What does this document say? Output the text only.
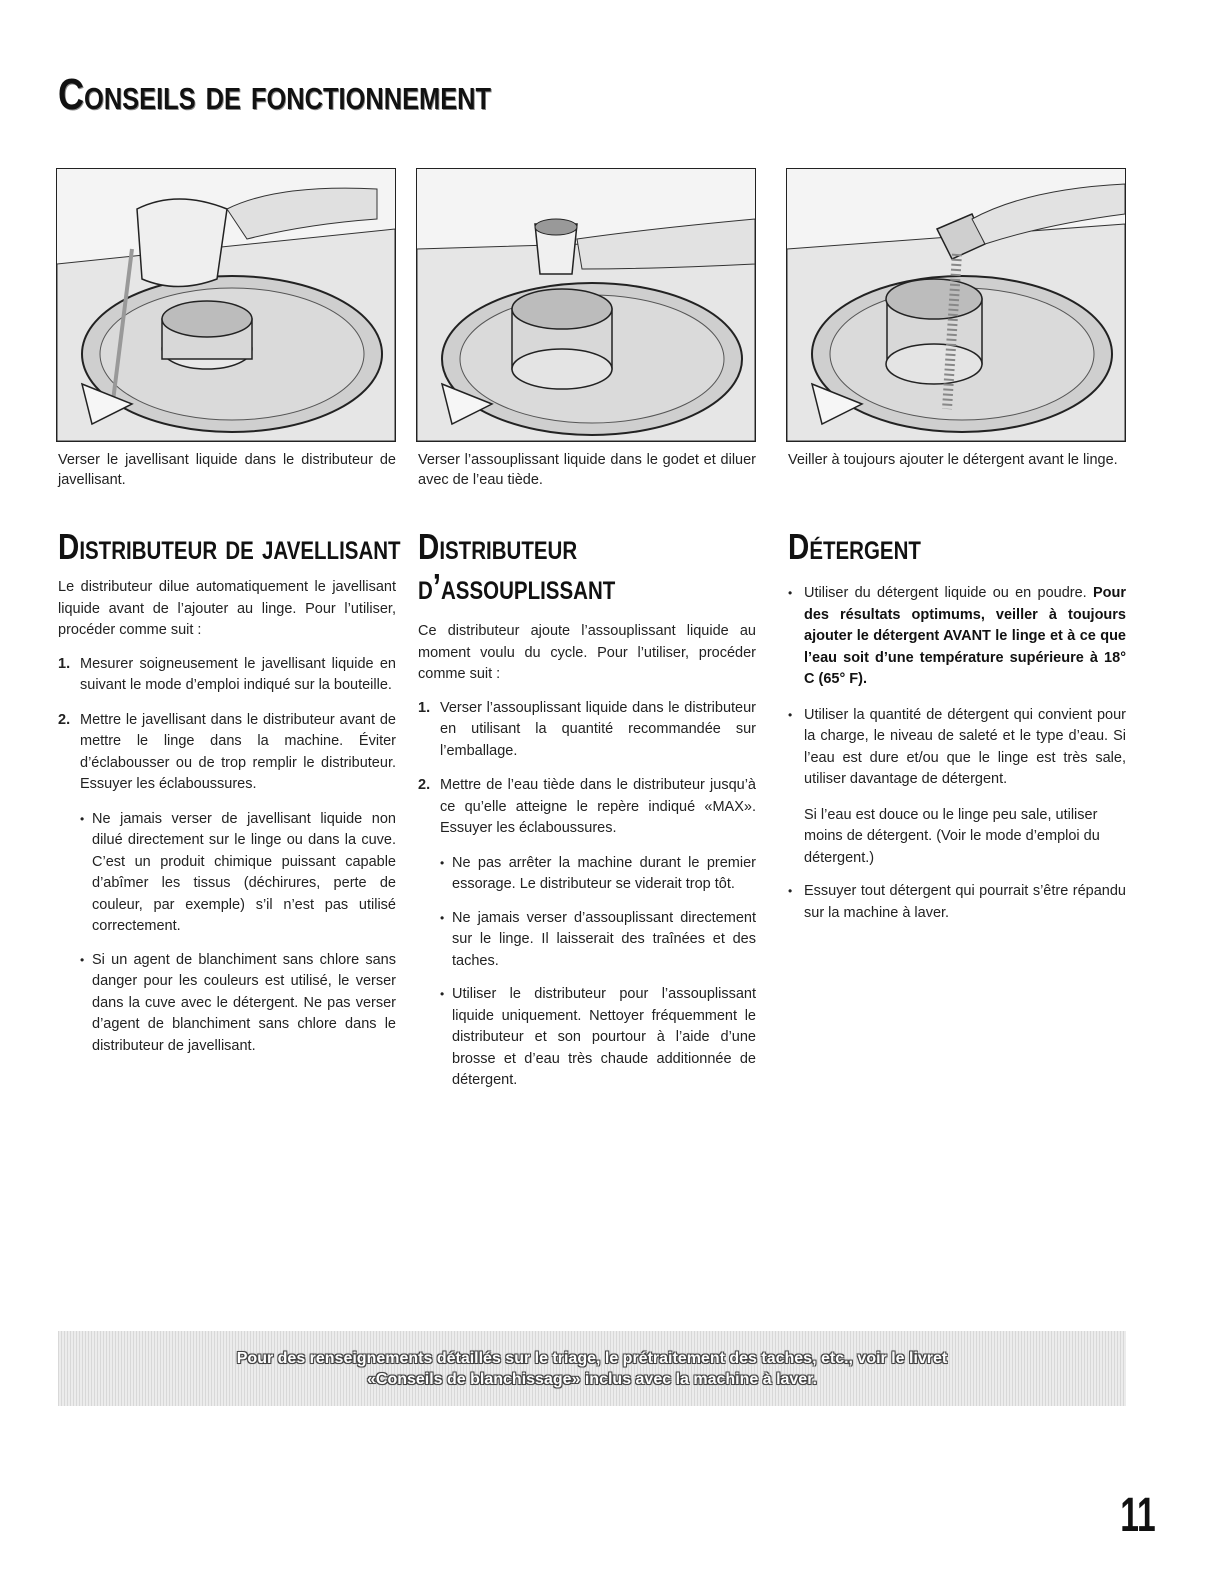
Conseils de fonctionnement

Verser le javellisant liquide dans le distributeur de javellisant.

Verser l’assouplissant liquide dans le godet et diluer avec de l’eau tiède.

Veiller à toujours ajouter le détergent avant le linge.

Distributeur de javellisant

Le distributeur dilue automatiquement le javellisant liquide avant de l’ajouter au linge. Pour l’utiliser, procéder comme suit :

1. Mesurer soigneusement le javellisant liquide en suivant le mode d’emploi indiqué sur la bouteille.
2. Mettre le javellisant dans le distributeur avant de mettre le linge dans la machine. Éviter d’éclabousser ou de trop remplir le distributeur. Essuyer les éclaboussures.
• Ne jamais verser de javellisant liquide non dilué directement sur le linge ou dans la cuve. C’est un produit chimique puissant capable d’abîmer les tissus (déchirures, perte de couleur, par exemple) s’il n’est pas utilisé correctement.
• Si un agent de blanchiment sans chlore sans danger pour les couleurs est utilisé, le verser dans la cuve avec le détergent. Ne pas verser d’agent de blanchiment sans chlore dans le distributeur de javellisant.
Distributeur
d’assouplissant

Ce distributeur ajoute l’assouplissant liquide au moment voulu du cycle. Pour l’utiliser, procéder comme suit :

1. Verser l’assouplissant liquide dans le distributeur en utilisant la quantité recommandée sur l’emballage.
2. Mettre de l’eau tiède dans le distributeur jusqu’à ce qu’elle atteigne le repère indiqué «MAX». Essuyer les éclaboussures.
• Ne pas arrêter la machine durant le premier essorage. Le distributeur se viderait trop tôt.
• Ne jamais verser d’assouplissant directement sur le linge. Il laisserait des traînées et des taches.
• Utiliser le distributeur pour l’assouplissant liquide uniquement. Nettoyer fréquemment le distributeur et son pourtour à l’aide d’une brosse et d’eau très chaude additionnée de détergent.
Détergent
• Utiliser du détergent liquide ou en poudre. Pour des résultats optimums, veiller à toujours ajouter le détergent AVANT le linge et à ce que l’eau soit d’une température supérieure à 18° C (65° F).
• Utiliser la quantité de détergent qui convient pour la charge, le niveau de saleté et le type d’eau. Si l’eau est dure et/ou que le linge est très sale, utiliser davantage de détergent.

Si l’eau est douce ou le linge peu sale, utiliser moins de détergent. (Voir le mode d’emploi du détergent.)

• Essuyer tout détergent qui pourrait s’être répandu sur la machine à laver.
Pour des renseignements détaillés sur le triage, le prétraitement des taches, etc., voir le livret
«Conseils de blanchissage» inclus avec la machine à laver.
11
